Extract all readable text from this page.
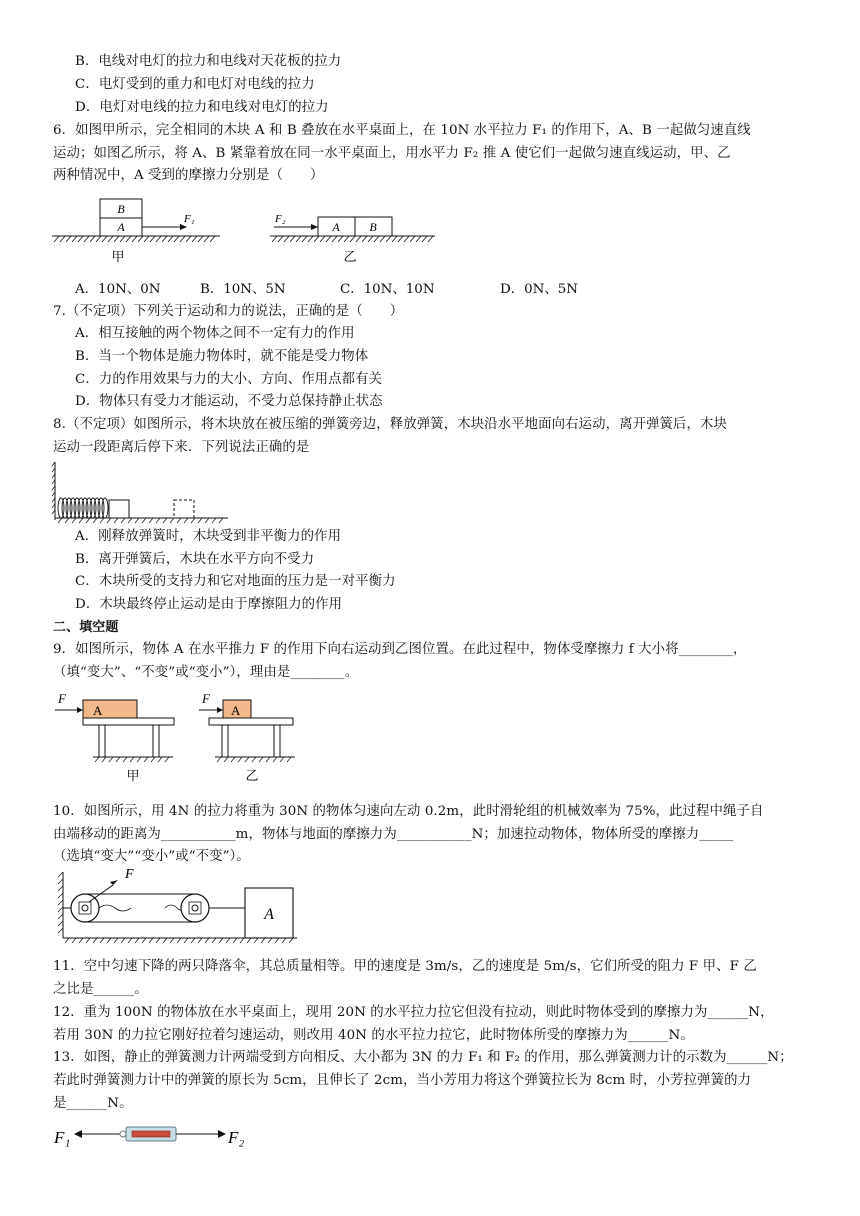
B．电线对电灯的拉力和电线对天花板的拉力
C．电灯受到的重力和电灯对电线的拉力
D．电灯对电线的拉力和电线对电灯的拉力
6．如图甲所示，完全相同的木块 A 和 B 叠放在水平桌面上，在 10N 水平拉力 F₁ 的作用下，A、B 一起做匀速直线
运动；如图乙所示，将 A、B 紧靠着放在同一水平桌面上，用水平力 F₂ 推 A 使它们一起做匀速直线运动，甲、乙
两种情况中，A 受到的摩擦力分别是（　　）
B
A
F₁
甲
F₂
A B
乙
A．10N、0N	B．10N、5N	C．10N、10N	D．0N、5N
7.（不定项）下列关于运动和力的说法，正确的是（　　）
A．相互接触的两个物体之间不一定有力的作用
B．当一个物体是施力物体时，就不能是受力物体
C．力的作用效果与力的大小、方向、作用点都有关
D．物体只有受力才能运动，不受力总保持静止状态
8.（不定项）如图所示，将木块放在被压缩的弹簧旁边，释放弹簧，木块沿水平地面向右运动，离开弹簧后，木块
运动一段距离后停下来．下列说法正确的是
A．刚释放弹簧时，木块受到非平衡力的作用
B．离开弹簧后，木块在水平方向不受力
C．木块所受的支持力和它对地面的压力是一对平衡力
D．木块最终停止运动是由于摩擦阻力的作用
二、填空题
9．如图所示，物体 A 在水平推力 F 的作用下向右运动到乙图位置。在此过程中，物体受摩擦力 f 大小将________，
（填“变大”、“不变”或“变小”），理由是________。
F
A
甲
F
A
乙
10．如图所示，用 4N 的拉力将重为 30N 的物体匀速向左动 0.2m，此时滑轮组的机械效率为 75%，此过程中绳子自
由端移动的距离为___________m，物体与地面的摩擦力为___________N；加速拉动物体，物体所受的摩擦力_____
（选填“变大”“变小”或“不变”）。
F
A
11．空中匀速下降的两只降落伞，其总质量相等。甲的速度是 3m/s，乙的速度是 5m/s，它们所受的阻力 F 甲、F 乙
之比是______。
12．重为 100N 的物体放在水平桌面上，现用 20N 的水平拉力拉它但没有拉动，则此时物体受到的摩擦力为______N，
若用 30N 的力拉它刚好拉着匀速运动，则改用 40N 的水平拉力拉它，此时物体所受的摩擦力为______N。
13．如图，静止的弹簧测力计两端受到方向相反、大小都为 3N 的力 F₁ 和 F₂ 的作用，那么弹簧测力计的示数为______N；
若此时弹簧测力计中的弹簧的原长为 5cm，且伸长了 2cm，当小芳用力将这个弹簧拉长为 8cm 时，小芳拉弹簧的力
是______N。
F₁	F₂
